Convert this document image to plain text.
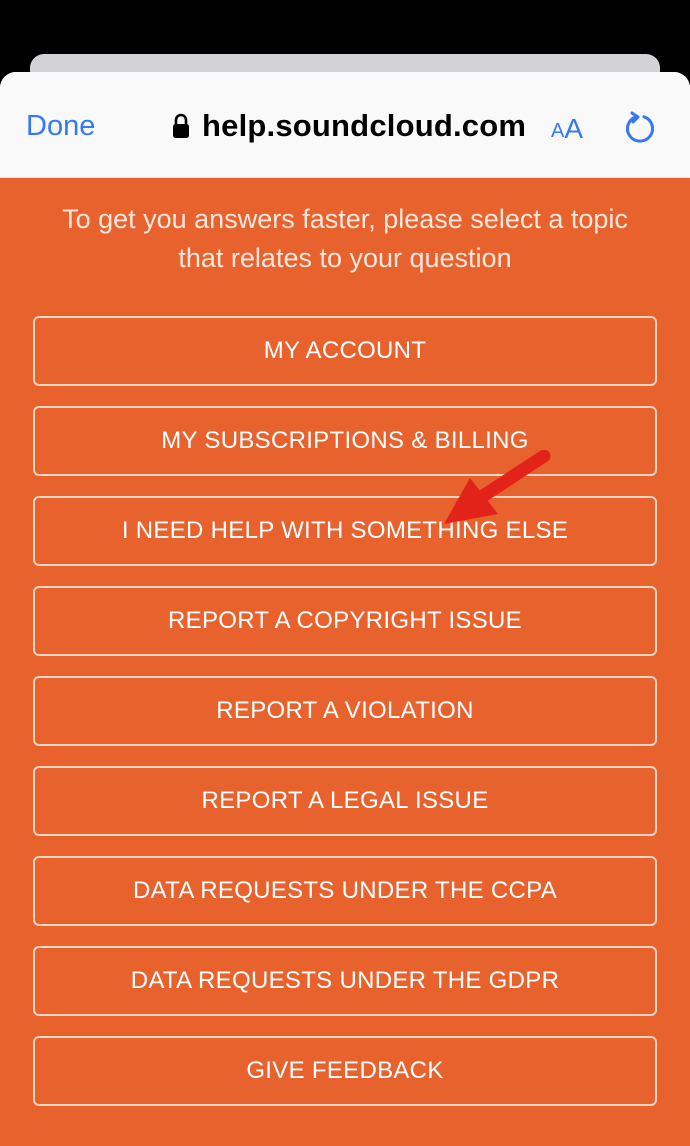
Done	help.soundcloud.com A A
To get you answers faster, please select a topic that relates to your question
MY ACCOUNT
MY SUBSCRIPTIONS & BILLING
I NEED HELP WITH SOMETHING ELSE
REPORT A COPYRIGHT ISSUE
REPORT A VIOLATION
REPORT A LEGAL ISSUE
DATA REQUESTS UNDER THE CCPA
DATA REQUESTS UNDER THE GDPR
GIVE FEEDBACK
